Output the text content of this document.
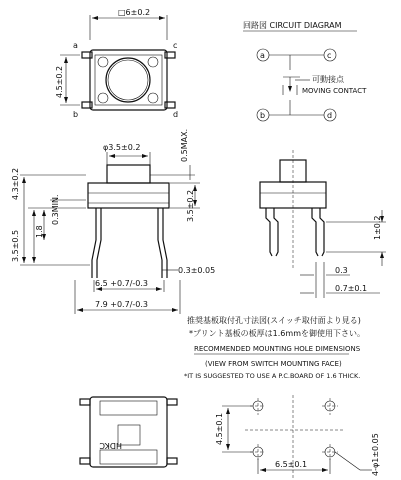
□6±0.2
a
b
c
d
4.5±0.2
回路図 CIRCUIT DIAGRAM
a
b
c
d
可動接点
MOVING CONTACT
φ3.5±0.2	0.5MAX.
4.3±0.2
3.5±0.5 1.8
0.3MIN.	3.5±0.2
0.3±0.05
6.5 +0.7/-0.3
7.9 +0.7/-0.3
1±0.2
0.3
0.7±0.1
推奨基板取付孔寸法図(スイッチ取付面より見る)
*プリント基板の板厚は1.6mmを御使用下さい。
RECOMMENDED MOUNTING HOLE DIMENSIONS
(VIEW FROM SWITCH MOUNTING FACE)
*IT IS SUGGESTED TO USE A P.C.BOARD OF 1.6 THICK.
HDKC
4.5±0.1
6.5±0.1	4-φ1±0.05
